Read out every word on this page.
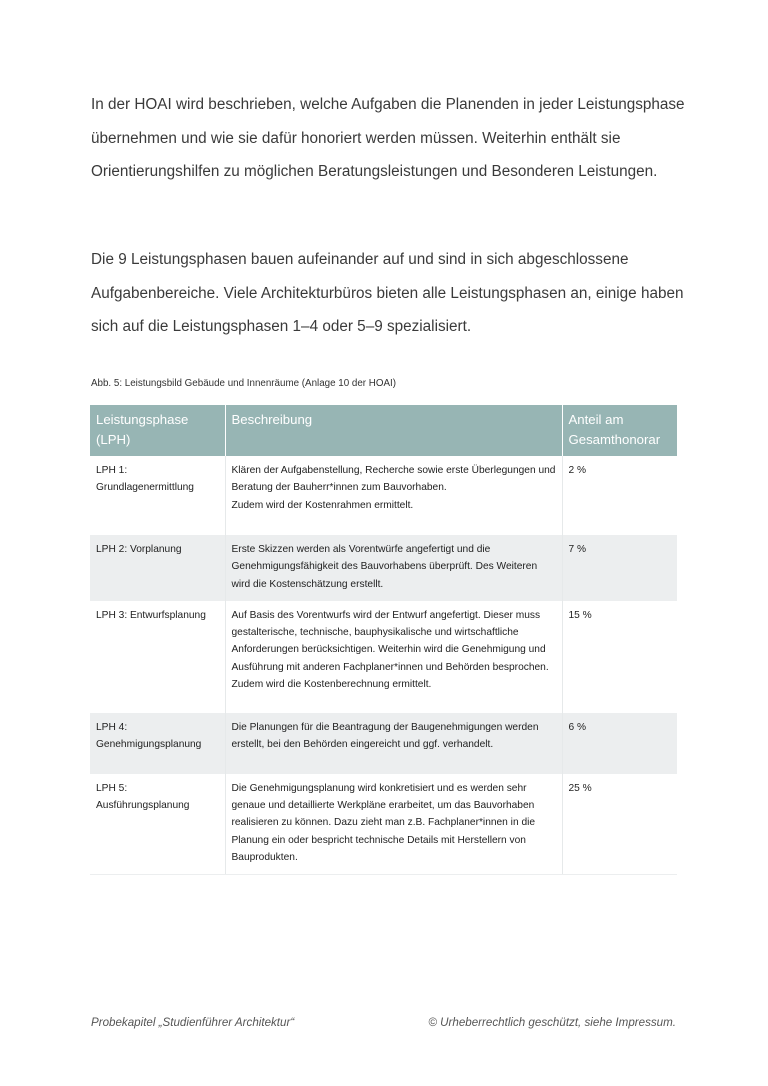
In der HOAI wird beschrieben, welche Aufgaben die Planenden in jeder Leistungsphase übernehmen und wie sie dafür honoriert werden müssen. Weiterhin enthält sie Orientierungshilfen zu möglichen Beratungsleistungen und Besonderen Leistungen.

Die 9 Leistungsphasen bauen aufeinander auf und sind in sich abgeschlossene Aufgabenbereiche. Viele Architekturbüros bieten alle Leistungsphasen an, einige haben sich auf die Leistungsphasen 1–4 oder 5–9 spezialisiert.

Abb. 5: Leistungsbild Gebäude und Innenräume (Anlage 10 der HOAI)

Leistungsphase (LPH)	Beschreibung	Anteil am Gesamthonorar
LPH 1: Grundlagenermittlung	Klären der Aufgabenstellung, Recherche sowie erste Überlegungen und Beratung der Bauherr*innen zum Bauvorhaben.
Zudem wird der Kostenrahmen ermittelt.	2 %
LPH 2: Vorplanung	Erste Skizzen werden als Vorentwürfe angefertigt und die Genehmigungsfähigkeit des Bauvorhabens überprüft. Des Weiteren wird die Kostenschätzung erstellt.	7 %
LPH 3: Entwurfsplanung	Auf Basis des Vorentwurfs wird der Entwurf angefertigt. Dieser muss gestalterische, technische, bauphysikalische und wirtschaftliche Anforderungen berücksichtigen. Weiterhin wird die Genehmigung und Ausführung mit anderen Fachplaner*innen und Behörden besprochen.
Zudem wird die Kostenberechnung ermittelt.	15 %
LPH 4: Genehmigungsplanung	Die Planungen für die Beantragung der Baugenehmigungen werden erstellt, bei den Behörden eingereicht und ggf. verhandelt.	6 %
LPH 5: Ausführungsplanung	Die Genehmigungsplanung wird konkretisiert und es werden sehr genaue und detaillierte Werkpläne erarbeitet, um das Bauvorhaben realisieren zu können. Dazu zieht man z.B. Fachplaner*innen in die Planung ein oder bespricht technische Details mit Herstellern von Bauprodukten.	25 %
Probekapitel „Studienführer Architektur“	© Urheberrechtlich geschützt, siehe Impressum.
